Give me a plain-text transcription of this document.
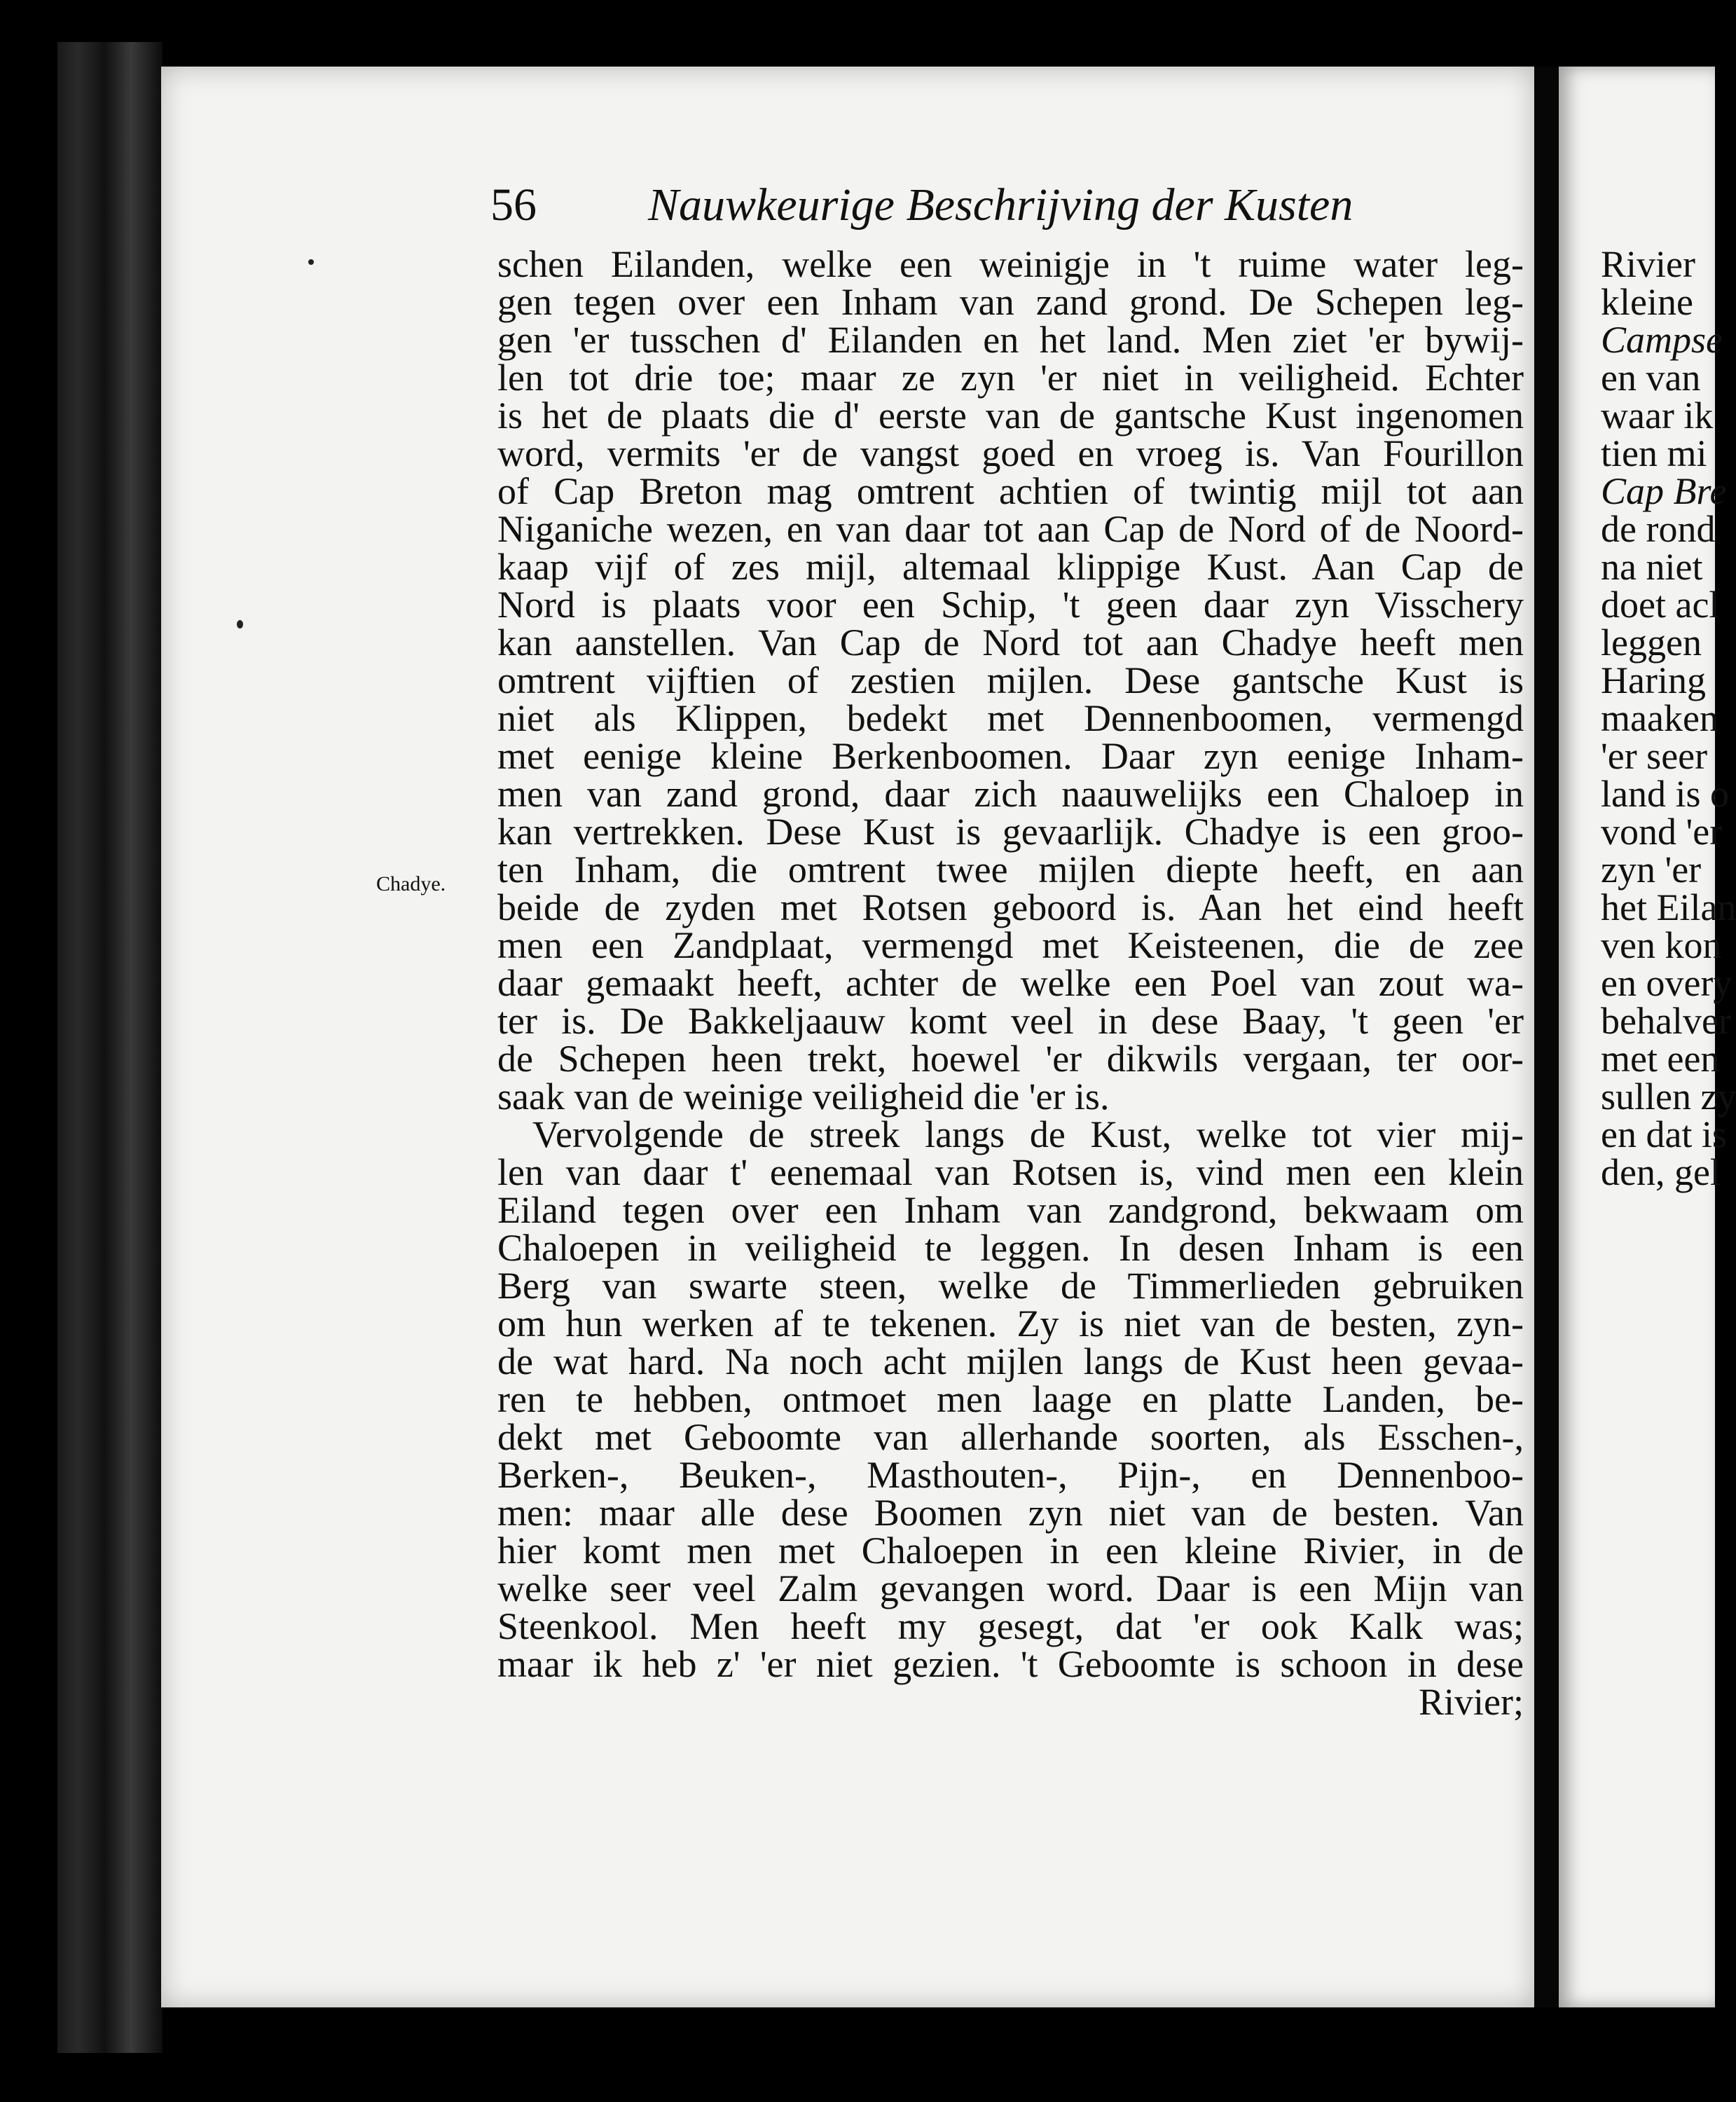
56 Nauwkeurige Beschrijving der Kusten
Chadye.
schen Eilanden, welke een weinigje in 't ruime water leg-
gen tegen over een Inham van zand grond. De Schepen leg-
gen 'er tusschen d' Eilanden en het land. Men ziet 'er bywij-
len tot drie toe; maar ze zyn 'er niet in veiligheid. Echter
is het de plaats die d' eerste van de gantsche Kust ingenomen
word, vermits 'er de vangst goed en vroeg is. Van Fourillon
of Cap Breton mag omtrent achtien of twintig mijl tot aan
Niganiche wezen, en van daar tot aan Cap de Nord of de Noord-
kaap vijf of zes mijl, altemaal klippige Kust. Aan Cap de
Nord is plaats voor een Schip, 't geen daar zyn Visschery
kan aanstellen. Van Cap de Nord tot aan Chadye heeft men
omtrent vijftien of zestien mijlen. Dese gantsche Kust is
niet als Klippen, bedekt met Dennenboomen, vermengd
met eenige kleine Berkenboomen. Daar zyn eenige Inham-
men van zand grond, daar zich naauwelijks een Chaloep in
kan vertrekken. Dese Kust is gevaarlijk. Chadye is een groo-
ten Inham, die omtrent twee mijlen diepte heeft, en aan
beide de zyden met Rotsen geboord is. Aan het eind heeft
men een Zandplaat, vermengd met Keisteenen, die de zee
daar gemaakt heeft, achter de welke een Poel van zout wa-
ter is. De Bakkeljaauw komt veel in dese Baay, 't geen 'er
de Schepen heen trekt, hoewel 'er dikwils vergaan, ter oor-
saak van de weinige veiligheid die 'er is.
Vervolgende de streek langs de Kust, welke tot vier mij-
len van daar t' eenemaal van Rotsen is, vind men een klein
Eiland tegen over een Inham van zandgrond, bekwaam om
Chaloepen in veiligheid te leggen. In desen Inham is een
Berg van swarte steen, welke de Timmerlieden gebruiken
om hun werken af te tekenen. Zy is niet van de besten, zyn-
de wat hard. Na noch acht mijlen langs de Kust heen gevaa-
ren te hebben, ontmoet men laage en platte Landen, be-
dekt met Geboomte van allerhande soorten, als Esschen-,
Berken-, Beuken-, Masthouten-, Pijn-, en Dennenboo-
men: maar alle dese Boomen zyn niet van de besten. Van
hier komt men met Chaloepen in een kleine Rivier, in de
welke seer veel Zalm gevangen word. Daar is een Mijn van
Steenkool. Men heeft my gesegt, dat 'er ook Kalk was;
maar ik heb z' 'er niet gezien. 't Geboomte is schoon in dese
Rivier;
Rivier
kleine
Campse
en van
waar ik
tien mi
Cap Bre
de rond
na niet
doet acl
leggen
Haring
maaken
'er seer
land is o
vond 'er
zyn 'er
het Eilan
ven kon
en overy
behalver
met een
sullen zy
en dat is
den, gel
